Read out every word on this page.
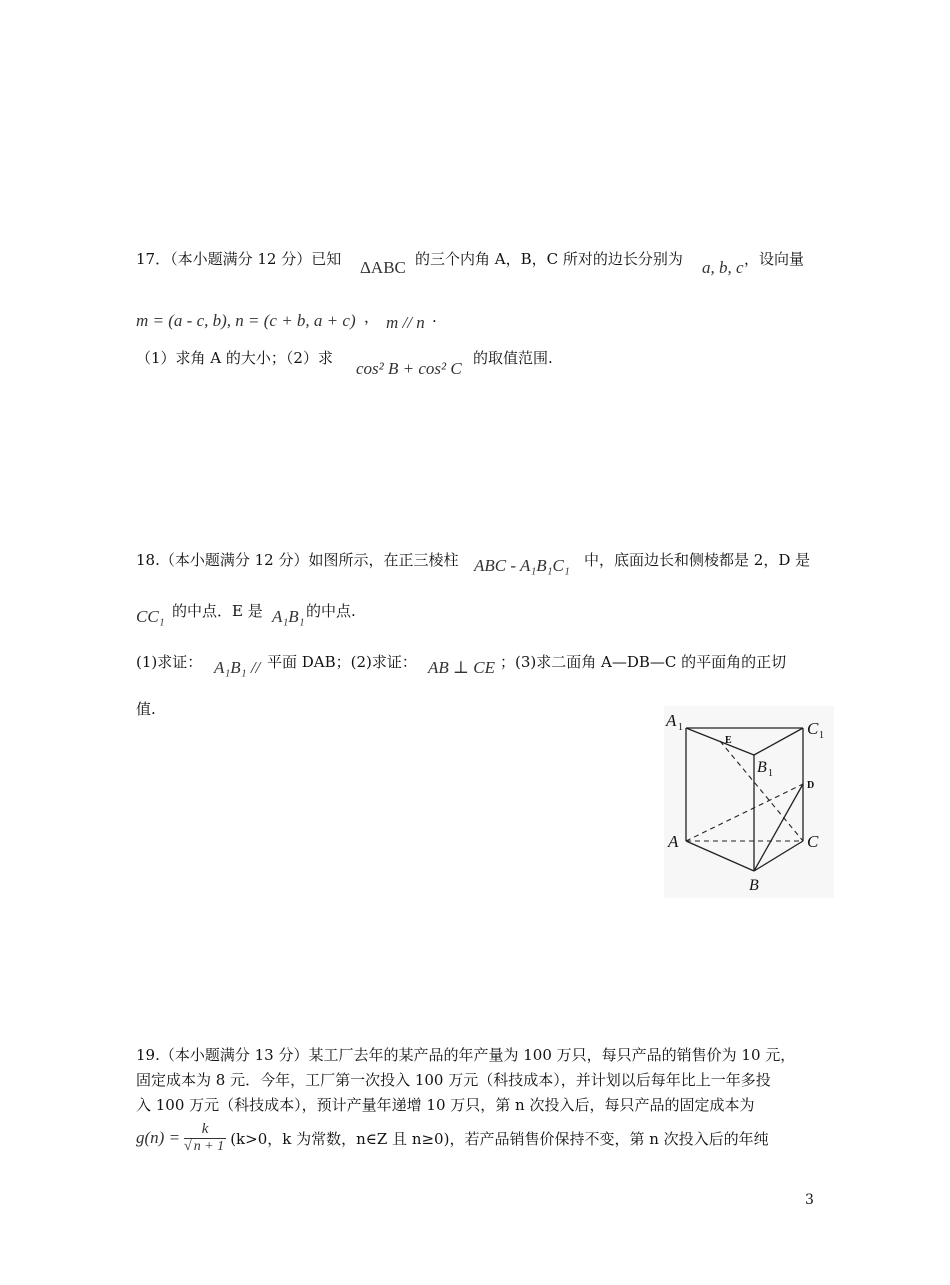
17．（本小题满分 12 分）已知 ΔABC 的三个内角 A，B，C 所对的边长分别为 a, b, c ，设向量
m = (a - c, b), n = (c + b, a + c) ， m // n .
（1）求角 A 的大小；（2）求
cos² B + cos² C
的取值范围.
18.（本小题满分 12 分）如图所示，在正三棱柱 ABC - A₁B₁C₁ 中，底面边长和侧棱都是 2，D 是
CC₁ 的中点．E 是 A₁B₁ 的中点.
(1)求证： A₁B₁ // 平面 DAB；(2)求证： AB ⊥ CE ；(3)求二面角 A—DB—C 的平面角的正切
值.
A 1	C 1
B 1
E
D
A	C
B
19.（本小题满分 13 分）某工厂去年的某产品的年产量为 100 万只，每只产品的销售价为 10 元，
固定成本为 8 元．今年，工厂第一次投入 100 万元（科技成本），并计划以后每年比上一年多投
入 100 万元（科技成本），预计产量年递增 10 万只，第 n 次投入后，每只产品的固定成本为
$g(n) = \frac{k}{√ n + 1} (k>0$，k 为常数，n∈Z 且 n≥0)，若产品销售价保持不变，第 n 次投入后的年纯
3
